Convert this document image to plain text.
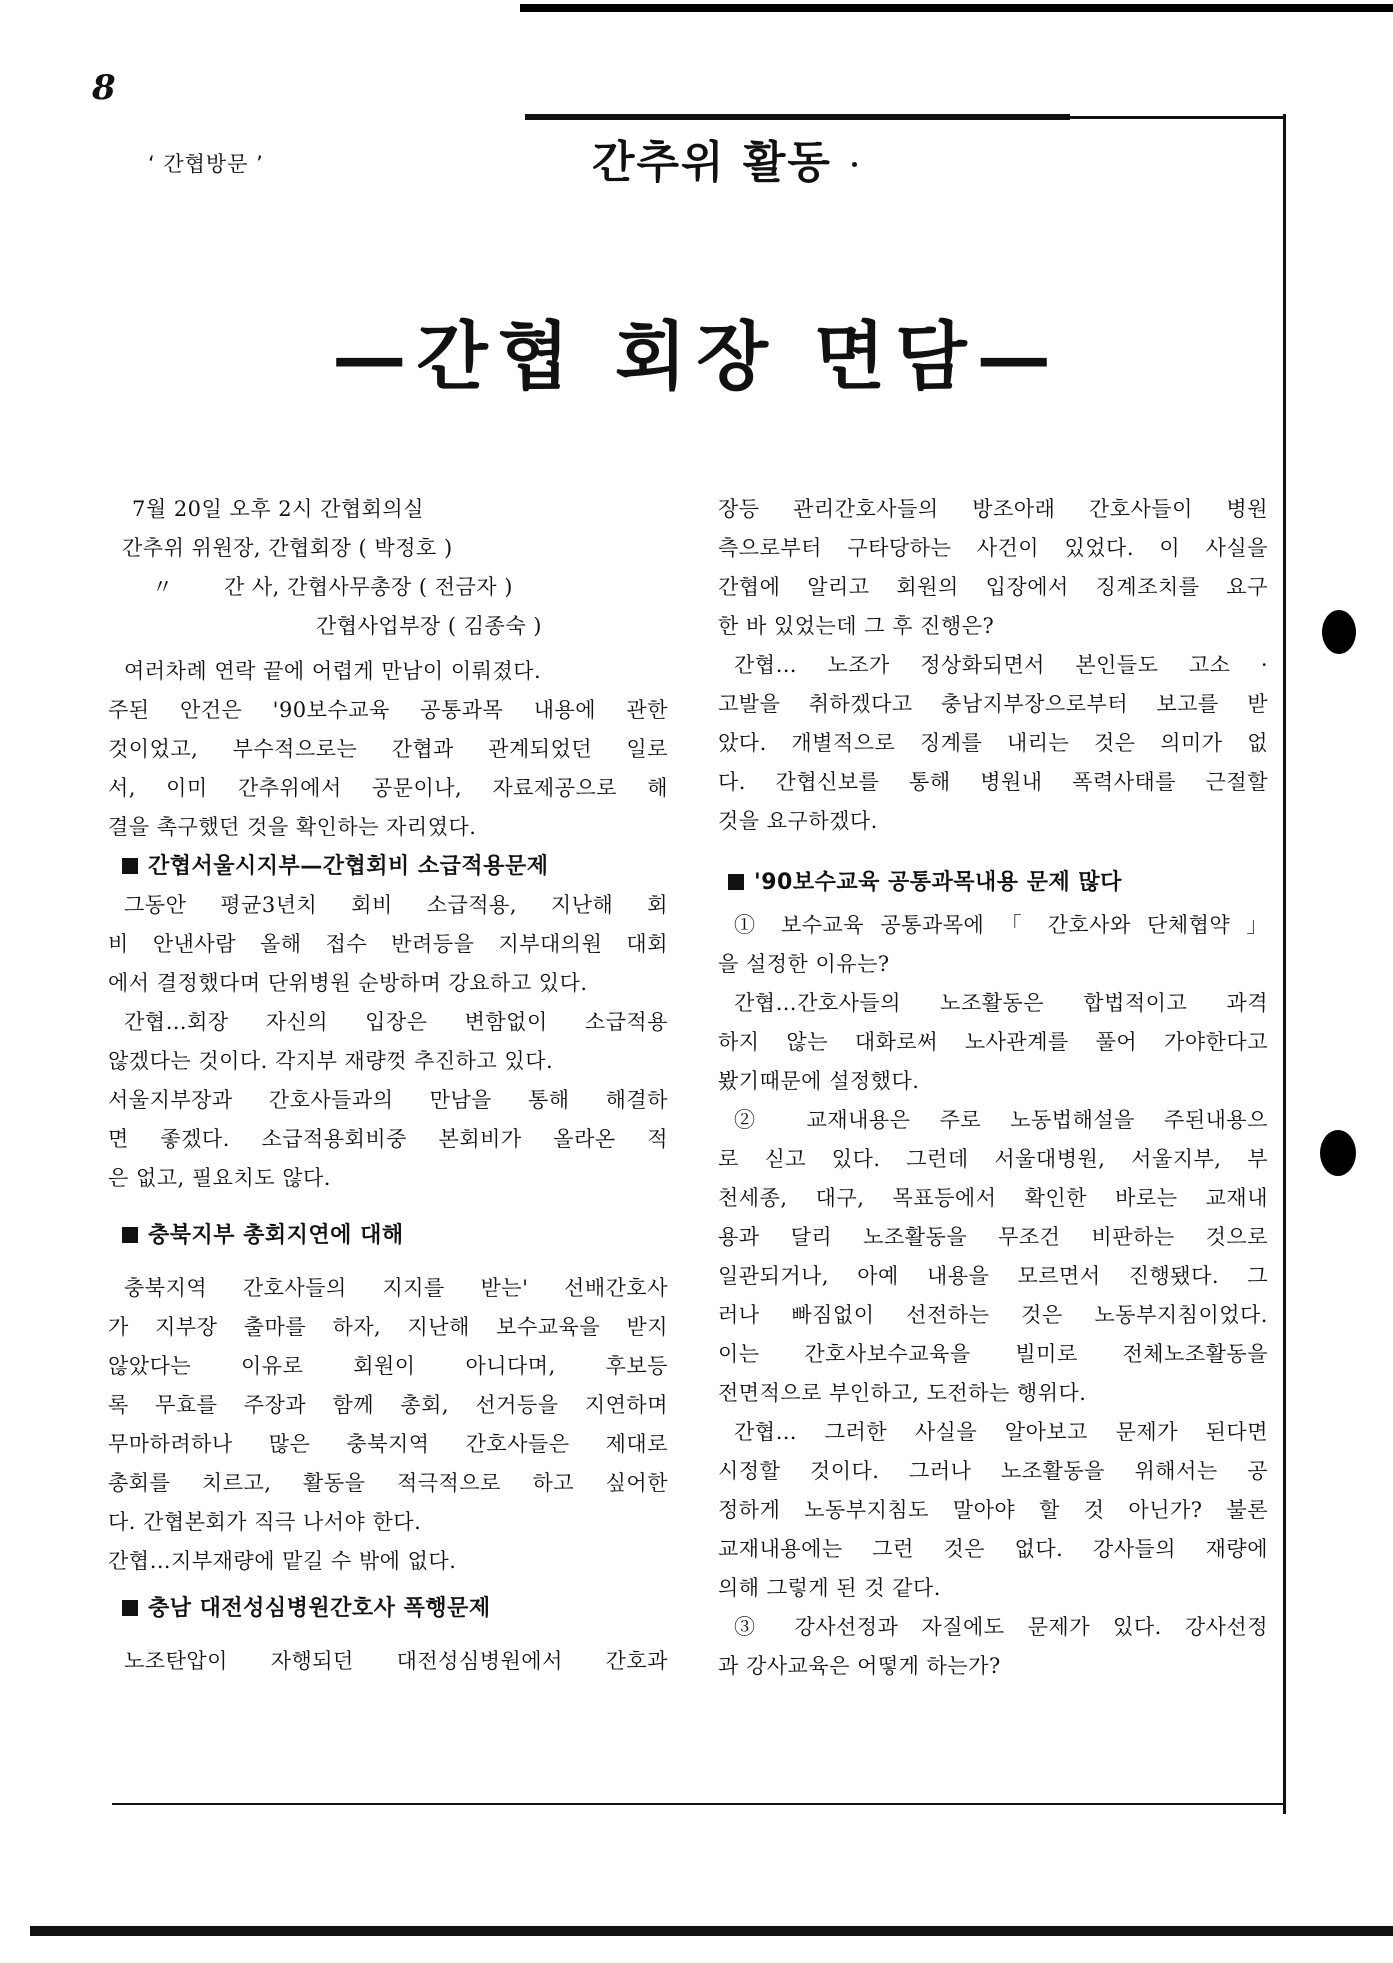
8
‘ 간협방문 ’	간추위 활동
—간협 회장 면담—
7월 20일 오후 2시 간협회의실
간추위 위원장, 간협회장 ( 박정호 )
〃 간 사, 간협사무총장 ( 전금자 )
간협사업부장 ( 김종숙 )
여러차례 연락 끝에 어렵게 만남이 이뤄졌다.
주된 안건은 '90보수교육 공통과목 내용에 관한
것이었고, 부수적으로는 간협과 관계되었던 일로
서, 이미 간추위에서 공문이나, 자료제공으로 해
결을 촉구했던 것을 확인하는 자리였다.
간협서울시지부—간협회비 소급적용문제
그동안 평균3년치 회비 소급적용, 지난해 회
비 안낸사람 올해 접수 반려등을 지부대의원 대회
에서 결정했다며 단위병원 순방하며 강요하고 있다.
간협…회장 자신의 입장은 변함없이 소급적용
않겠다는 것이다. 각지부 재량껏 추진하고 있다.
서울지부장과 간호사들과의 만남을 통해 해결하
면 좋겠다. 소급적용회비중 본회비가 올라온 적
은 없고, 필요치도 않다.
충북지부 총회지연에 대해
충북지역 간호사들의 지지를 받는' 선배간호사
가 지부장 출마를 하자, 지난해 보수교육을 받지
않았다는 이유로 회원이 아니다며, 후보등
록 무효를 주장과 함께 총회, 선거등을 지연하며
무마하려하나 많은 충북지역 간호사들은 제대로
총회를 치르고, 활동을 적극적으로 하고 싶어한
다. 간협본회가 직극 나서야 한다.
간협…지부재량에 맡길 수 밖에 없다.
충남 대전성심병원간호사 폭행문제
노조탄압이 자행되던 대전성심병원에서 간호과
장등 관리간호사들의 방조아래 간호사들이 병원
측으로부터 구타당하는 사건이 있었다. 이 사실을
간협에 알리고 회원의 입장에서 징계조치를 요구
한 바 있었는데 그 후 진행은?
간협… 노조가 정상화되면서 본인들도 고소 ·
고발을 취하겠다고 충남지부장으로부터 보고를 받
았다. 개별적으로 징계를 내리는 것은 의미가 없
다. 간협신보를 통해 병원내 폭력사태를 근절할
것을 요구하겠다.
'90보수교육 공통과목내용 문제 많다
① 보수교육 공통과목에 「 간호사와 단체협약 」
을 설정한 이유는?
간협…간호사들의 노조활동은 합법적이고 과격
하지 않는 대화로써 노사관계를 풀어 가야한다고
봤기때문에 설정했다.
② 교재내용은 주로 노동법해설을 주된내용으
로 싣고 있다. 그런데 서울대병원, 서울지부, 부
천세종, 대구, 목표등에서 확인한 바로는 교재내
용과 달리 노조활동을 무조건 비판하는 것으로
일관되거나, 아예 내용을 모르면서 진행됐다. 그
러나 빠짐없이 선전하는 것은 노동부지침이었다.
이는 간호사보수교육을 빌미로 전체노조활동을
전면적으로 부인하고, 도전하는 행위다.
간협… 그러한 사실을 알아보고 문제가 된다면
시정할 것이다. 그러나 노조활동을 위해서는 공
정하게 노동부지침도 말아야 할 것 아닌가? 불론
교재내용에는 그런 것은 없다. 강사들의 재량에
의해 그렇게 된 것 같다.
③ 강사선정과 자질에도 문제가 있다. 강사선정
과 강사교육은 어떻게 하는가?
